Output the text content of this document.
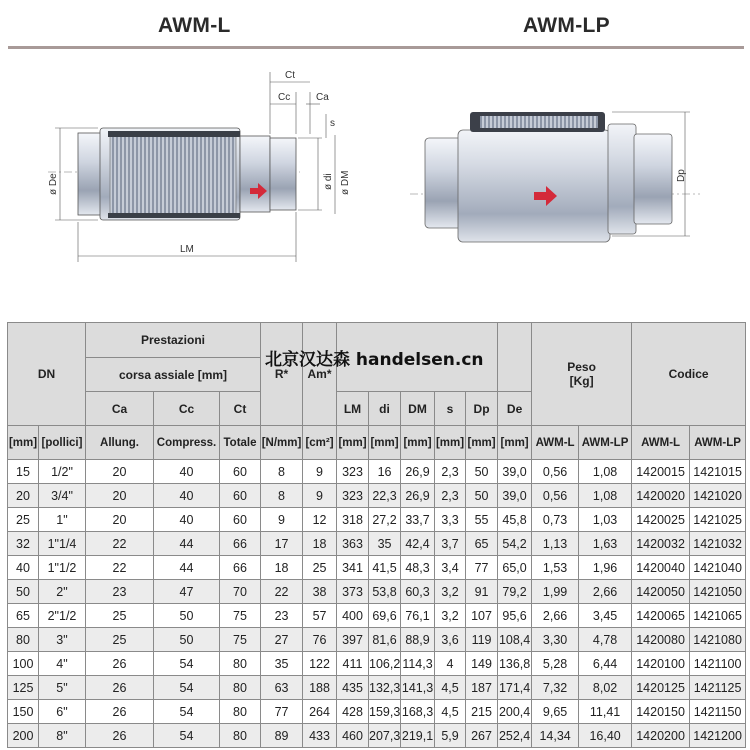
AWM-L	AWM-LP
Ct
Cc	Ca
s
ø De	ø di ø DM
LM
Dp
DN		Prestazioni			R*	Am*							Peso
[Kg]		Codice	
		corsa assiale [mm]														
		Ca	Cc	Ct			LM	di	DM	s	Dp	De				
[mm]	[pollici]	Allung.	Compress.	Totale	[N/mm]	[cm²]	[mm]	[mm]	[mm]	[mm]	[mm]	[mm]	AWM-L	AWM-LP	AWM-L	AWM-LP
15	1/2"	20	40	60	8	9	323	16	26,9	2,3	50	39,0	0,56	1,08	1420015	1421015
20	3/4"	20	40	60	8	9	323	22,3	26,9	2,3	50	39,0	0,56	1,08	1420020	1421020
25	1"	20	40	60	9	12	318	27,2	33,7	3,3	55	45,8	0,73	1,03	1420025	1421025
32	1"1/4	22	44	66	17	18	363	35	42,4	3,7	65	54,2	1,13	1,63	1420032	1421032
40	1"1/2	22	44	66	18	25	341	41,5	48,3	3,4	77	65,0	1,53	1,96	1420040	1421040
50	2"	23	47	70	22	38	373	53,8	60,3	3,2	91	79,2	1,99	2,66	1420050	1421050
65	2"1/2	25	50	75	23	57	400	69,6	76,1	3,2	107	95,6	2,66	3,45	1420065	1421065
80	3"	25	50	75	27	76	397	81,6	88,9	3,6	119	108,4	3,30	4,78	1420080	1421080
100	4"	26	54	80	35	122	411	106,2	114,3	4	149	136,8	5,28	6,44	1420100	1421100
125	5"	26	54	80	63	188	435	132,3	141,3	4,5	187	171,4	7,32	8,02	1420125	1421125
150	6"	26	54	80	77	264	428	159,3	168,3	4,5	215	200,4	9,65	11,41	1420150	1421150
200	8"	26	54	80	89	433	460	207,3	219,1	5,9	267	252,4	14,34	16,40	1420200	1421200
北京汉达森 handelsen.cn
